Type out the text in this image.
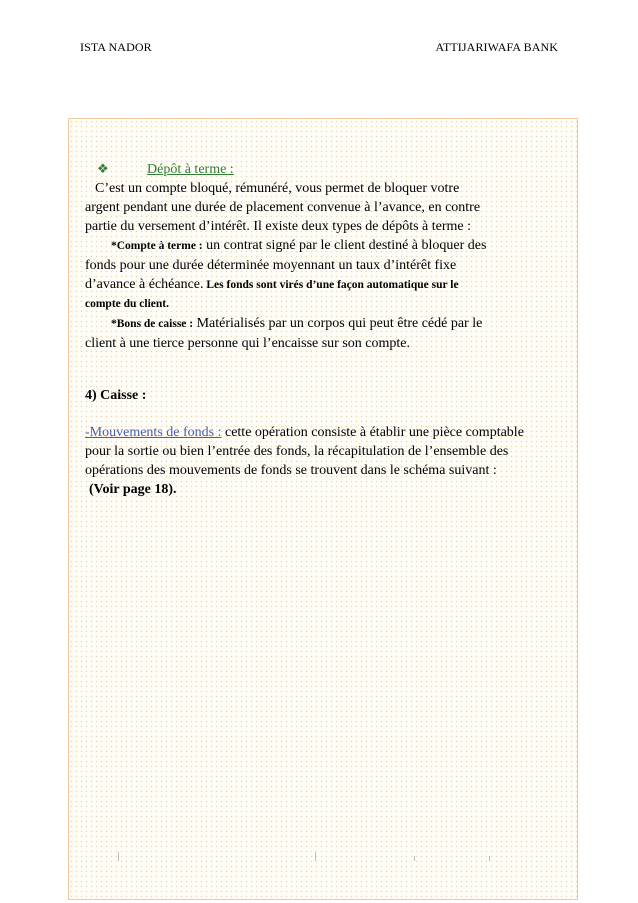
ISTA NADOR	ATTIJARIWAFA BANK
❖	Dépôt à terme :
C’est un compte bloqué, rémunéré, vous permet de bloquer votre
argent pendant une durée de placement convenue à l’avance, en contre
partie du versement d’intérêt. Il existe deux types de dépôts à terme :
*Compte à terme : un contrat signé par le client destiné à bloquer des
fonds pour une durée déterminée moyennant un taux d’intérêt fixe
d’avance à échéance. Les fonds sont virés d’une façon automatique sur le
compte du client.
*Bons de caisse : Matérialisés par un corpos qui peut être cédé par le
client à une tierce personne qui l’encaisse sur son compte.
4) Caisse :
-Mouvements de fonds : cette opération consiste à établir une pièce comptable
pour la sortie ou bien l’entrée des fonds, la récapitulation de l’ensemble des
opérations des mouvements de fonds se trouvent dans le schéma suivant :
(Voir page 18).
